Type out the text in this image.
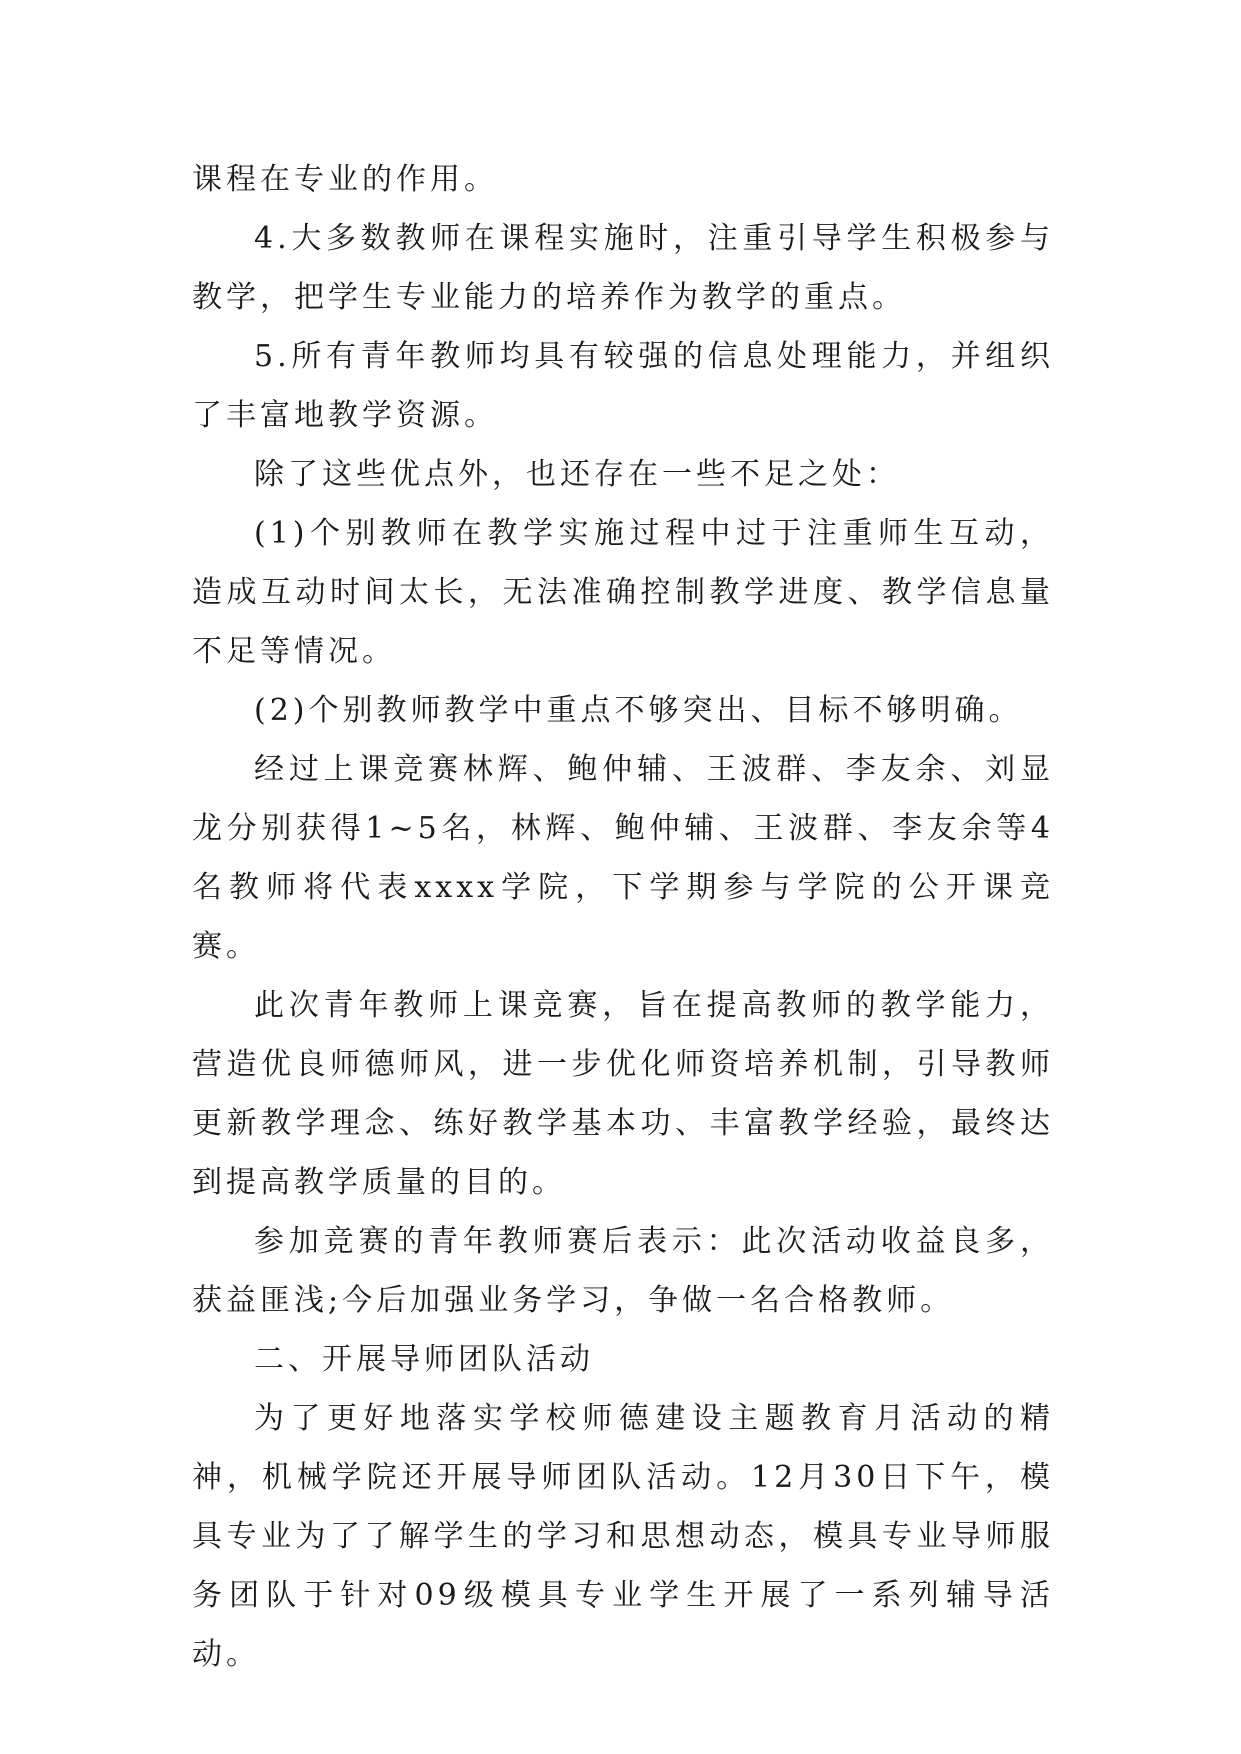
课程在专业的作用。

4.大多数教师在课程实施时，注重引导学生积极参与教学，把学生专业能力的培养作为教学的重点。

5.所有青年教师均具有较强的信息处理能力，并组织了丰富地教学资源。

除了这些优点外，也还存在一些不足之处：

(1)个别教师在教学实施过程中过于注重师生互动，造成互动时间太长，无法准确控制教学进度、教学信息量不足等情况。

(2)个别教师教学中重点不够突出、目标不够明确。

经过上课竞赛林辉、鲍仲辅、王波群、李友余、刘显龙分别获得1~5名，林辉、鲍仲辅、王波群、李友余等4名教师将代表xxxx学院，下学期参与学院的公开课竞赛。

此次青年教师上课竞赛，旨在提高教师的教学能力，营造优良师德师风，进一步优化师资培养机制，引导教师更新教学理念、练好教学基本功、丰富教学经验，最终达到提高教学质量的目的。

参加竞赛的青年教师赛后表示：此次活动收益良多，获益匪浅;今后加强业务学习，争做一名合格教师。

二、开展导师团队活动

为了更好地落实学校师德建设主题教育月活动的精神，机械学院还开展导师团队活动。12月30日下午，模具专业为了了解学生的学习和思想动态，模具专业导师服务团队于针对09级模具专业学生开展了一系列辅导活动。
